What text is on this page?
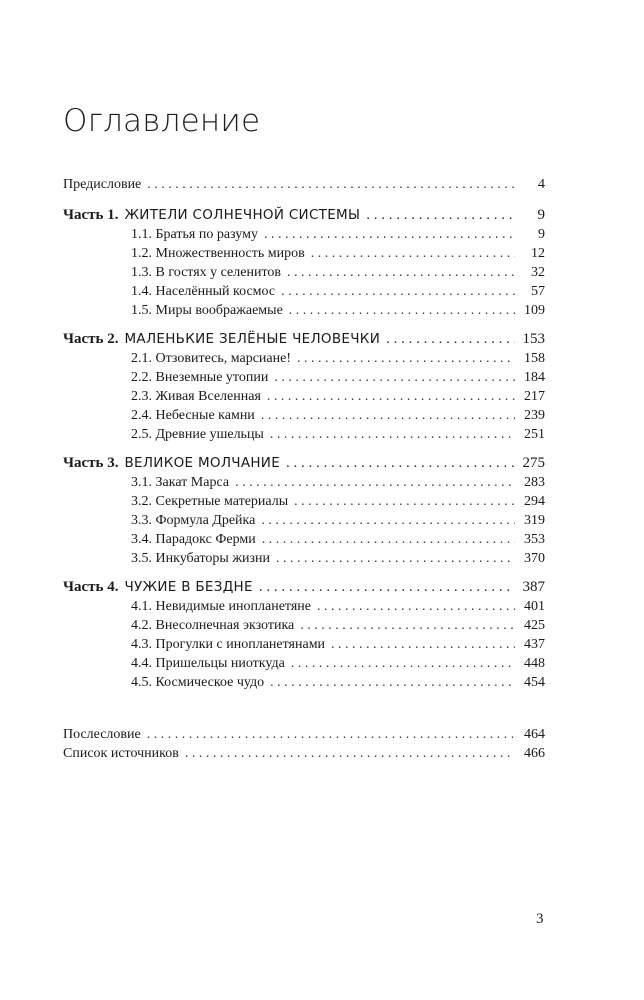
Оглавление
Предисловие . . .	4
Часть 1. ЖИТЕЛИ СОЛНЕЧНОЙ СИСТЕМЫ . . .	9
1.1. Братья по разуму . . .	9
1.2. Множественность миров . . .	12
1.3. В гостях у селенитов . . .	32
1.4. Населённый космос . . .	57
1.5. Миры воображаемые . . .	109
Часть 2. МАЛЕНЬКИЕ ЗЕЛЁНЫЕ ЧЕЛОВЕЧКИ . . .	153
2.1. Отзовитесь, марсиане! . . .	158
2.2. Внеземные утопии . . .	184
2.3. Живая Вселенная . . .	217
2.4. Небесные камни . . .	239
2.5. Древние ушельцы . . .	251
Часть 3. ВЕЛИКОЕ МОЛЧАНИЕ . . .	275
3.1. Закат Марса . . .	283
3.2. Секретные материалы . . .	294
3.3. Формула Дрейка . . .	319
3.4. Парадокс Ферми . . .	353
3.5. Инкубаторы жизни . . .	370
Часть 4. ЧУЖИЕ В БЕЗДНЕ . . .	387
4.1. Невидимые инопланетяне . . .	401
4.2. Внесолнечная экзотика . . .	425
4.3. Прогулки с инопланетянами . . .	437
4.4. Пришельцы ниоткуда . . .	448
4.5. Космическое чудо . . .	454
Послесловие . . .	464
Список источников . . .	466
3
